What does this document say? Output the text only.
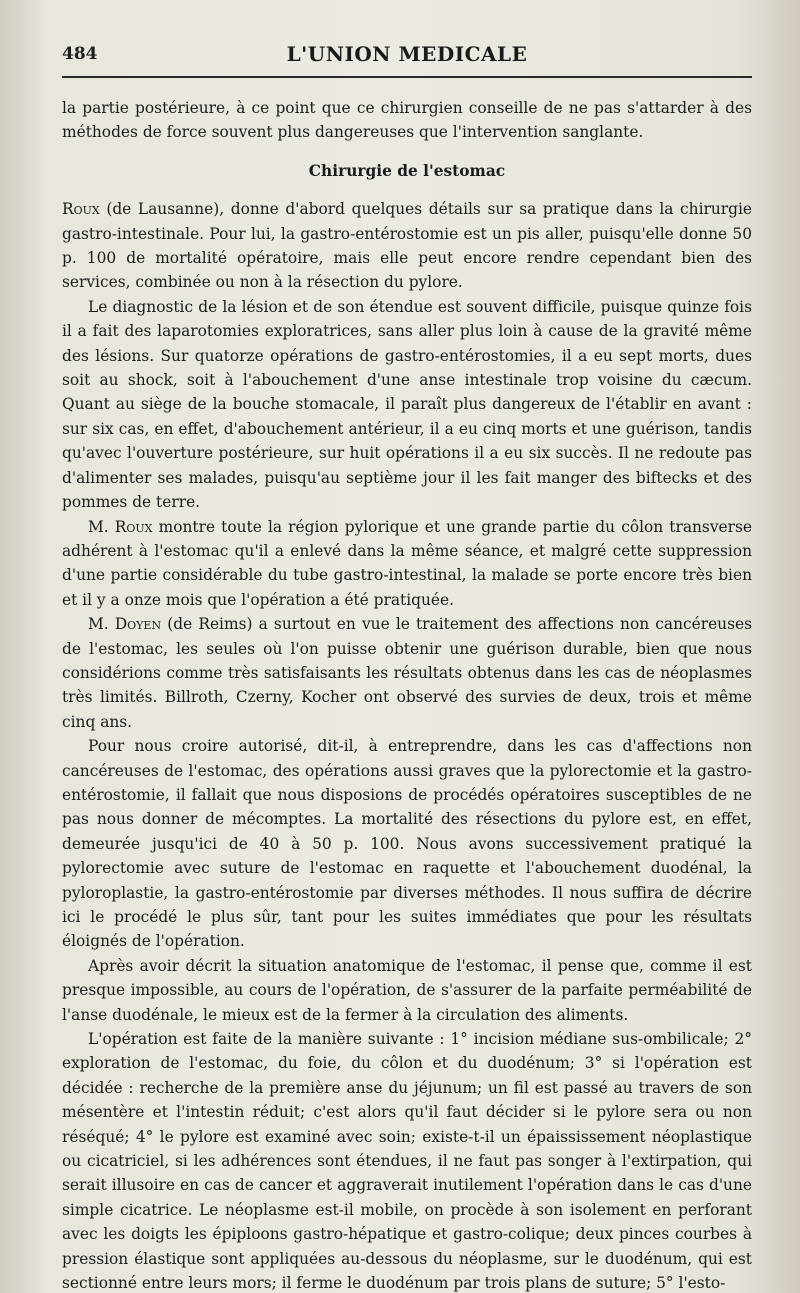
484	L'UNION MEDICALE

la partie postérieure, à ce point que ce chirurgien conseille de ne pas s'attarder à des méthodes de force souvent plus dangereuses que l'intervention sanglante.

Chirurgie de l'estomac

Roux (de Lausanne), donne d'abord quelques détails sur sa pratique dans la chirurgie gastro-intestinale. Pour lui, la gastro-entérostomie est un pis aller, puisqu'elle donne 50 p. 100 de mortalité opératoire, mais elle peut encore rendre cependant bien des services, combinée ou non à la résection du pylore.

Le diagnostic de la lésion et de son étendue est souvent difficile, puisque quinze fois il a fait des laparotomies exploratrices, sans aller plus loin à cause de la gravité même des lésions. Sur quatorze opérations de gastro-entérostomies, il a eu sept morts, dues soit au shock, soit à l'abouchement d'une anse intestinale trop voisine du cæcum. Quant au siège de la bouche stomacale, il paraît plus dangereux de l'établir en avant : sur six cas, en effet, d'abouchement antérieur, il a eu cinq morts et une guérison, tandis qu'avec l'ouverture postérieure, sur huit opérations il a eu six succès. Il ne redoute pas d'alimenter ses malades, puisqu'au septième jour il les fait manger des biftecks et des pommes de terre.

M. Roux montre toute la région pylorique et une grande partie du côlon transverse adhérent à l'estomac qu'il a enlevé dans la même séance, et malgré cette suppression d'une partie considérable du tube gastro-intestinal, la malade se porte encore très bien et il y a onze mois que l'opération a été pratiquée.

M. Doyen (de Reims) a surtout en vue le traitement des affections non cancéreuses de l'estomac, les seules où l'on puisse obtenir une guérison durable, bien que nous considérions comme très satisfaisants les résultats obtenus dans les cas de néoplasmes très limités. Billroth, Czerny, Kocher ont observé des survies de deux, trois et même cinq ans.

Pour nous croire autorisé, dit-il, à entreprendre, dans les cas d'affections non cancéreuses de l'estomac, des opérations aussi graves que la pylorectomie et la gastro-entérostomie, il fallait que nous disposions de procédés opératoires susceptibles de ne pas nous donner de mécomptes. La mortalité des résections du pylore est, en effet, demeurée jusqu'ici de 40 à 50 p. 100. Nous avons successivement pratiqué la pylorectomie avec suture de l'estomac en raquette et l'abouchement duodénal, la pyloroplastie, la gastro-entérostomie par diverses méthodes. Il nous suffira de décrire ici le procédé le plus sûr, tant pour les suites immédiates que pour les résultats éloignés de l'opération.

Après avoir décrit la situation anatomique de l'estomac, il pense que, comme il est presque impossible, au cours de l'opération, de s'assurer de la parfaite perméabilité de l'anse duodénale, le mieux est de la fermer à la circulation des aliments.

L'opération est faite de la manière suivante : 1° incision médiane sus-ombilicale; 2° exploration de l'estomac, du foie, du côlon et du duodénum; 3° si l'opération est décidée : recherche de la première anse du jéjunum; un fil est passé au travers de son mésentère et l'intestin réduit; c'est alors qu'il faut décider si le pylore sera ou non réséqué; 4° le pylore est examiné avec soin; existe-t-il un épaississement néoplastique ou cicatriciel, si les adhérences sont étendues, il ne faut pas songer à l'extirpation, qui serait illusoire en cas de cancer et aggraverait inutilement l'opération dans le cas d'une simple cicatrice. Le néoplasme est-il mobile, on procède à son isolement en perforant avec les doigts les épiploons gastro-hépatique et gastro-colique; deux pinces courbes à pression élastique sont appliquées au-dessous du néoplasme, sur le duodénum, qui est sectionné entre leurs mors; il ferme le duodénum par trois plans de suture; 5° l'esto-
